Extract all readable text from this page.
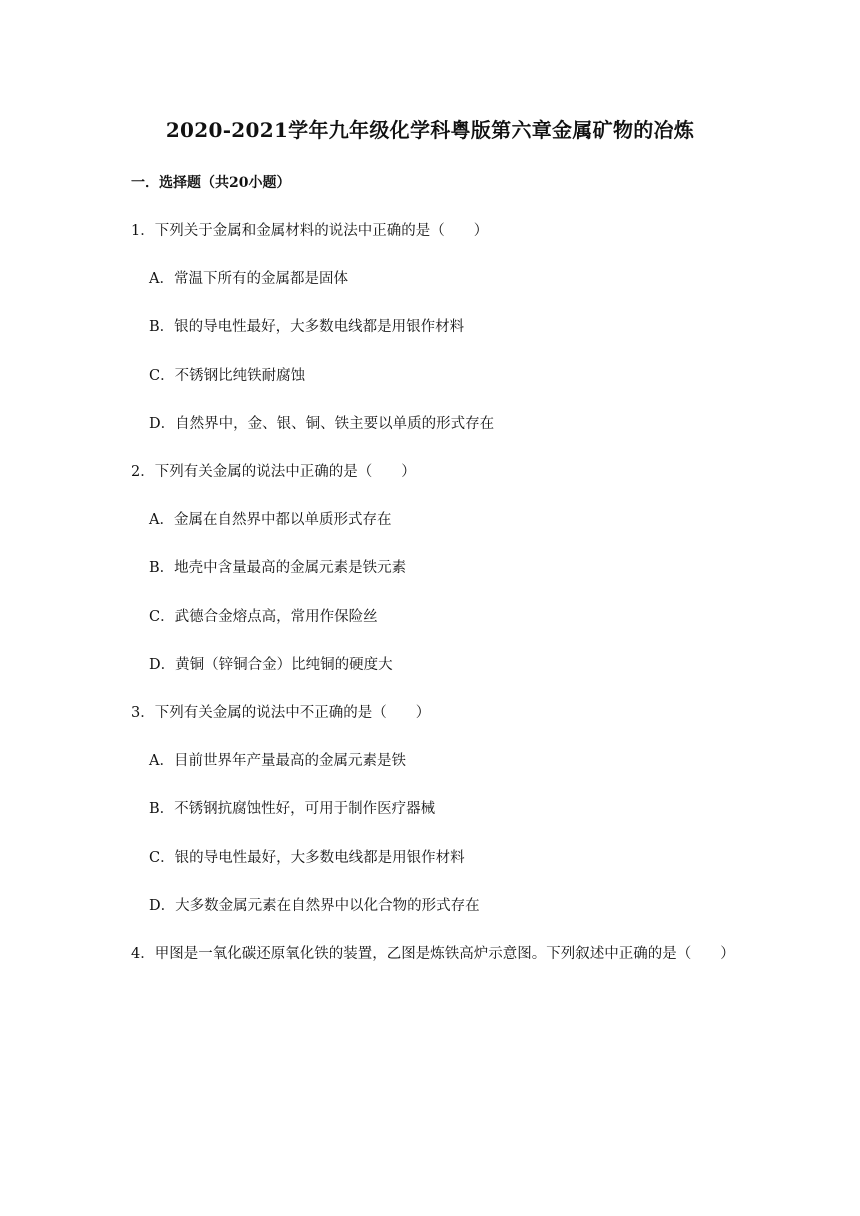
2020-2021学年九年级化学科粤版第六章金属矿物的冶炼
一．选择题（共20小题）
1．下列关于金属和金属材料的说法中正确的是（　　）
A．常温下所有的金属都是固体
B．银的导电性最好，大多数电线都是用银作材料
C．不锈钢比纯铁耐腐蚀
D．自然界中，金、银、铜、铁主要以单质的形式存在
2．下列有关金属的说法中正确的是（　　）
A．金属在自然界中都以单质形式存在
B．地壳中含量最高的金属元素是铁元素
C．武德合金熔点高，常用作保险丝
D．黄铜（锌铜合金）比纯铜的硬度大
3．下列有关金属的说法中不正确的是（　　）
A．目前世界年产量最高的金属元素是铁
B．不锈钢抗腐蚀性好，可用于制作医疗器械
C．银的导电性最好，大多数电线都是用银作材料
D．大多数金属元素在自然界中以化合物的形式存在
4．甲图是一氧化碳还原氧化铁的装置，乙图是炼铁高炉示意图。下列叙述中正确的是（　　）
